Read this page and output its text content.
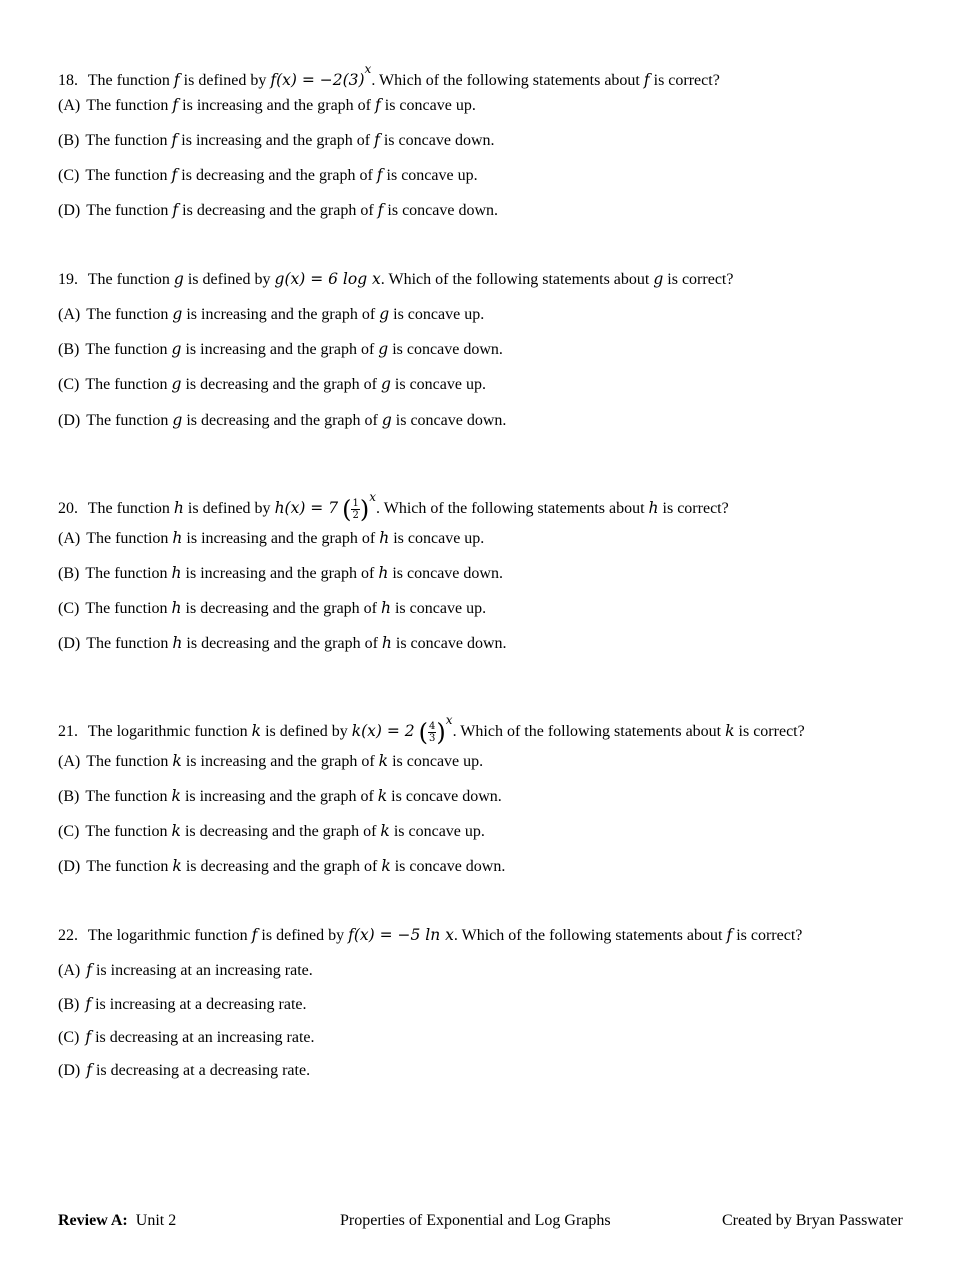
18. The function f is defined by $f(x) = -2(3)^x$. Which of the following statements about f is correct?
(A) The function f is increasing and the graph of f is concave up.
(B) The function f is increasing and the graph of f is concave down.
(C) The function f is decreasing and the graph of f is concave up.
(D) The function f is decreasing and the graph of f is concave down.
19. The function g is defined by g(x) = 6 log x. Which of the following statements about g is correct?
(A) The function g is increasing and the graph of g is concave up.
(B) The function g is increasing and the graph of g is concave down.
(C) The function g is decreasing and the graph of g is concave up.
(D) The function g is decreasing and the graph of g is concave down.
20. The function h is defined by h(x) = 7 ( $\frac{1}{2} )^x$. Which of the following statements about h is correct?
(A) The function h is increasing and the graph of h is concave up.
(B) The function h is increasing and the graph of h is concave down.
(C) The function h is decreasing and the graph of h is concave up.
(D) The function h is decreasing and the graph of h is concave down.
21. The logarithmic function k is defined by k(x) = 2 ( $\frac{4}{3} )^x$. Which of the following statements about k is correct?
(A) The function k is increasing and the graph of k is concave up.
(B) The function k is increasing and the graph of k is concave down.
(C) The function k is decreasing and the graph of k is concave up.
(D) The function k is decreasing and the graph of k is concave down.
22. The logarithmic function f is defined by f(x) = −5 ln x. Which of the following statements about f is correct?
(A) f is increasing at an increasing rate.
(B) f is increasing at a decreasing rate.
(C) f is decreasing at an increasing rate.
(D) f is decreasing at a decreasing rate.
Review A: Unit 2	Properties of Exponential and Log Graphs	Created by Bryan Passwater
